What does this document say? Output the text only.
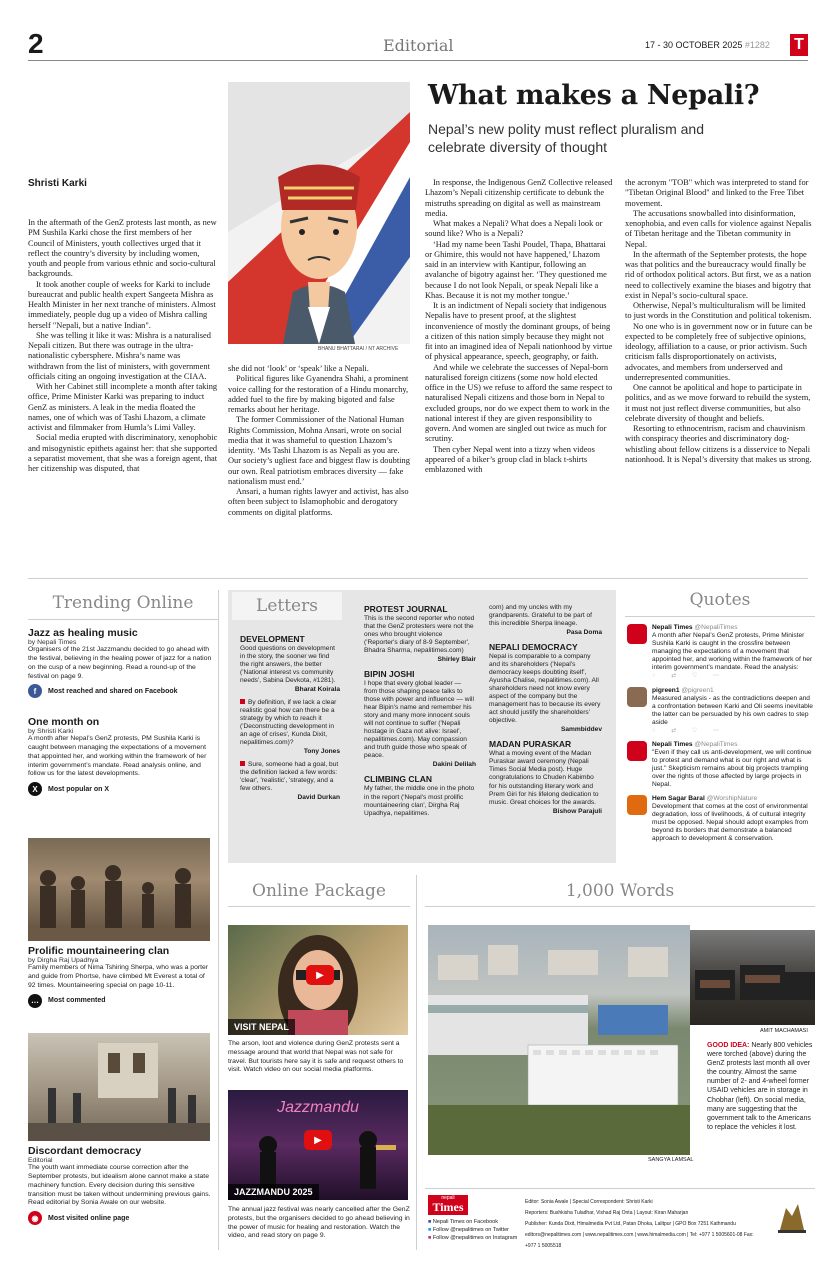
2	Editorial	17 - 30 OCTOBER 2025 #1282 T
BHANU BHATTARAI / NT ARCHIVE
What makes a Nepali?
Nepal’s new polity must reflect pluralism and celebrate diversity of thought
Shristi Karki

In the aftermath of the GenZ protests last month, as new PM Sushila Karki chose the first members of her Council of Ministers, youth collectives urged that it reflect the country’s diversity by including women, youth and people from various ethnic and socio-cultural backgrounds.

It took another couple of weeks for Karki to include bureaucrat and public health expert Sangeeta Mishra as Health Minister in her next tranche of ministers. Almost immediately, people dug up a video of Mishra calling herself "Nepali, but a native Indian".

She was telling it like it was: Mishra is a naturalised Nepali citizen. But there was outrage in the ultra-nationalistic cybersphere. Mishra’s name was withdrawn from the list of ministers, with government officials citing an ongoing investigation at the CIAA.

With her Cabinet still incomplete a month after taking office, Prime Minister Karki was preparing to induct GenZ as ministers. A leak in the media floated the names, one of which was of Tashi Lhazom, a climate activist and filmmaker from Humla’s Limi Valley.

Social media erupted with discriminatory, xenophobic and misogynistic epithets against her: that she supported a separatist movement, that she was a foreign agent, that her citizenship was disputed, that

she did not ‘look’ or ‘speak’ like a Nepali.

Political figures like Gyanendra Shahi, a prominent voice calling for the restoration of a Hindu monarchy, added fuel to the fire by making bigoted and false remarks about her heritage.

The former Commissioner of the National Human Rights Commission, Mohna Ansari, wrote on social media that it was shameful to question Lhazom’s identity. ‘Ms Tashi Lhazom is as Nepali as you are. Our society’s ugliest face and biggest flaw is doubting our own. Real patriotism embraces diversity — fake nationalism must end.’

Ansari, a human rights lawyer and activist, has also often been subject to Islamophobic and derogatory comments on digital platforms.

In response, the Indigenous GenZ Collective released Lhazom’s Nepali citizenship certificate to debunk the mistruths spreading on digital as well as mainstream media.

What makes a Nepali? What does a Nepali look or sound like? Who is a Nepali?

‘Had my name been Tashi Poudel, Thapa, Bhattarai or Ghimire, this would not have happened,’ Lhazom said in an interview with Kantipur, following an avalanche of bigotry against her. ‘They questioned me because I do not look Nepali, or speak Nepali like a Khas. Because it is not my mother tongue.’

It is an indictment of Nepali society that indigenous Nepalis have to present proof, at the slightest inconvenience of mostly the dominant groups, of being a citizen of this nation simply because they might not fit into an imagined idea of Nepali nationhood by virtue of physical appearance, speech, geography, or faith.

And while we celebrate the successes of Nepal-born naturalised foreign citizens (some now hold elected office in the US) we refuse to afford the same respect to naturalised Nepali citizens and those born in Nepal to excluded groups, nor do we expect them to work in the national interest if they are given responsibility to govern. And women are singled out twice as much for scrutiny.

Then cyber Nepal went into a tizzy when videos appeared of a biker’s group clad in black t-shirts emblazoned with

the acronym "TOB" which was interpreted to stand for "Tibetan Original Blood" and linked to the Free Tibet movement.

The accusations snowballed into disinformation, xenophobia, and even calls for violence against Nepalis of Tibetan heritage and the Tibetan community in Nepal.

In the aftermath of the September protests, the hope was that politics and the bureaucracy would finally be rid of orthodox political actors. But first, we as a nation need to collectively examine the biases and bigotry that exist in Nepal’s socio-cultural space.

Otherwise, Nepal’s multiculturalism will be limited to just words in the Constitution and political tokenism.

No one who is in government now or in future can be expected to be completely free of subjective opinions, ideology, affiliation to a cause, or prior activism. Such criticism falls disproportionately on activists, advocates, and members from underserved and underrepresented communities.

One cannot be apolitical and hope to participate in politics, and as we move forward to rebuild the system, it must not just reflect diverse communities, but also celebrate diversity of thought and beliefs.

Resorting to ethnocentrism, racism and chauvinism with conspiracy theories and discriminatory dog-whistling about fellow citizens is a disservice to Nepali nationhood. It is Nepal’s diversity that makes us strong.

Trending Online
Jazz as healing music
by Nepali Times
Organisers of the 21st Jazzmandu decided to go ahead with the festival, believing in the healing power of jazz for a nation on the cusp of a new beginning. Read a round-up of the festival on page 9.
f	Most reached and shared on Facebook
One month on
by Shristi Karki
A month after Nepal’s GenZ protests, PM Sushila Karki is caught between managing the expectations of a movement that appointed her, and working within the framework of her interim government’s mandate. Read analysis online, and follow us for the latest developments.
X	Most popular on X
Prolific mountaineering clan
by Dirgha Raj Upadhya
Family members of Nima Tshiring Sherpa, who was a porter and guide from Phortse, have climbed Mt Everest a total of 92 times. Mountaineering special on page 10-11.
…	Most commented
Discordant democracy
Editorial
The youth want immediate course correction after the September protests, but idealism alone cannot make a state machinery function. Every decision during this sensitive transition must be taken without undermining previous gains. Read editorial by Sonia Awale on our website.
◉	Most visited online page
Letters
DEVELOPMENT

Good questions on development in the story, the sooner we find the right answers, the better ('National interest vs community needs', Sabina Devkota, #1281).

Bharat Koirala

By definition, if we lack a clear realistic goal how can there be a strategy by which to reach it ('Deconstructing development in an age of crises', Kunda Dixit, nepalitimes.com)?

Tony Jones

Sure, someone had a goal, but the definition lacked a few words: 'clear', 'realistic', 'strategy, and a few others.

David Durkan
PROTEST JOURNAL

This is the second reporter who noted that the GenZ protesters were not the ones who brought violence ('Reporter's diary of 8-9 September', Bhadra Sharma, nepalitimes.com)

Shirley Blair
BIPIN JOSHI

I hope that every global leader — from those shaping peace talks to those with power and influence — will hear Bipin's name and remember his story and many more innocent souls will not continue to suffer ('Nepali hostage in Gaza not alive: Israel', nepalitimes.com). May compassion and truth guide those who speak of peace.

Dakini Delilah
CLIMBING CLAN

My father, the middle one in the photo in the report ('Nepal's most prolific mountaineering clan', Dirgha Raj Upadhya, nepalitimes.

com) and my uncles with my grandparents. Grateful to be part of this incredible Sherpa lineage.

Pasa Doma
NEPALI DEMOCRACY

Nepal is comparable to a company and its shareholders ('Nepal's democracy keeps doubting itself', Ayusha Chalise, nepalitimes.com). All shareholders need not know every aspect of the company but the management has to because its every act should justify the shareholders' objective.

Sammbiddev
MADAN PURASKAR

What a moving event of the Madan Puraskar award ceremony (Nepali Times Social Media post). Huge congratulations to Chuden Kabimbo for his outstanding literary work and Prem Giri for his lifelong dedication to music. Great choices for the awards.

Bishow Parajuli
Quotes
Nepali Times @NepaliTimes
A month after Nepal’s GenZ protests, Prime Minister Sushila Karki is caught in the crossfire between managing the expectations of a movement that appointed her, and working within the framework of her interim government’s mandate. Read the analysis:
◌ ⇄ ♡ ⋯
pigreen1 @pigreen1
Measured analysis - as the contradictions deepen and a confrontation between Karki and Oli seems inevitable the latter can be persuaded by his own cadres to step aside
◌ ⇄ ♡ ⋯
Nepali Times @NepaliTimes
"Even if they call us anti-development, we will continue to protest and demand what is our right and what is just." Skepticism remains about big projects trampling over the rights of those affected by large projects in Nepal.
Hem Sagar Baral @WorshipNature
Development that comes at the cost of environmental degradation, loss of livelihoods, & of cultural integrity must be opposed. Nepal should adopt examples from beyond its borders that demonstrate a balanced approach to development & conservation.
Online Package
▶
VISIT NEPAL
The arson, loot and violence during GenZ protests sent a message around that world that Nepal was not safe for travel. But tourists here say it is safe and request others to visit. Watch video on our social media platforms.
Jazzmandu
▶
JAZZMANDU 2025
The annual jazz festival was nearly cancelled after the GenZ protests, but the organisers decided to go ahead believing in the power of music for healing and restoration. Watch the video, and read story on page 9.
1,000 Words
SANGYA LAMSAL
AMIT MACHAMASI
GOOD IDEA: Nearly 800 vehicles were torched (above) during the GenZ protests last month all over the country. Almost the same number of 2- and 4-wheel former USAID vehicles are in storage in Chobhar (left). On social media, many are suggesting that the government talk to the Americans to replace the vehicles it lost.
nepali
Times
■ Nepali Times on Facebook
■ Follow @nepalitimes on Twitter
■ Follow @nepalitimes on Instagram
Editor: Sonia Awale | Special Correspondent: Shristi Karki
Reporters: Bushkisha Tuladhar, Vishad Raj Onta | Layout: Kiran Maharjan
Publisher: Kunda Dixit, Himalmedia Pvt Ltd, Patan Dhoka, Lalitpur | GPO Box 7251 Kathmandu
editors@nepalitimes.com | www.nepalitimes.com | www.himalmedia.com | Tel: +977 1 5005601-08 Fax: +977 1 5005518
